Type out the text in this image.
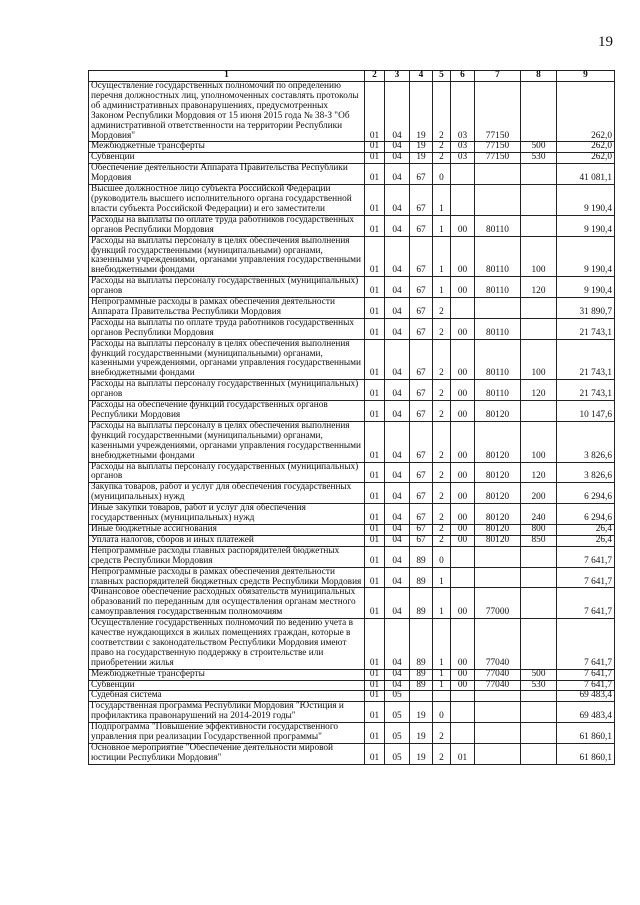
19
1	2	3	4	5	6	7	8	9
Осуществление государственных полномочий по определению перечня должностных лиц, уполномоченных составлять протоколы об административных правонарушениях, предусмотренных Законом Республики Мордовия от 15 июня 2015 года № 38-З "Об административной ответственности на территории Республики Мордовия"	01	04	19	2	03	77150		262,0
Межбюджетные трансферты	01	04	19	2	03	77150	500	262,0
Субвенции	01	04	19	2	03	77150	530	262,0
Обеспечение деятельности Аппарата Правительства Республики Мордовия	01	04	67	0				41 081,1
Высшее должностное лицо субъекта Российской Федерации (руководитель высшего исполнительного органа государственной власти субъекта Российской Федерации) и его заместители	01	04	67	1				9 190,4
Расходы на выплаты по оплате труда работников государственных органов Республики Мордовия	01	04	67	1	00	80110		9 190,4
Расходы на выплаты персоналу в целях обеспечения выполнения функций государственными (муниципальными) органами, казенными учреждениями, органами управления государственными внебюджетными фондами	01	04	67	1	00	80110	100	9 190,4
Расходы на выплаты персоналу государственных (муниципальных) органов	01	04	67	1	00	80110	120	9 190,4
Непрограммные расходы в рамках обеспечения деятельности Аппарата Правительства Республики Мордовия	01	04	67	2				31 890,7
Расходы на выплаты по оплате труда работников государственных органов Республики Мордовия	01	04	67	2	00	80110		21 743,1
Расходы на выплаты персоналу в целях обеспечения выполнения функций государственными (муниципальными) органами, казенными учреждениями, органами управления государственными внебюджетными фондами	01	04	67	2	00	80110	100	21 743,1
Расходы на выплаты персоналу государственных (муниципальных) органов	01	04	67	2	00	80110	120	21 743,1
Расходы на обеспечение функций государственных органов Республики Мордовия	01	04	67	2	00	80120		10 147,6
Расходы на выплаты персоналу в целях обеспечения выполнения функций государственными (муниципальными) органами, казенными учреждениями, органами управления государственными внебюджетными фондами	01	04	67	2	00	80120	100	3 826,6
Расходы на выплаты персоналу государственных (муниципальных) органов	01	04	67	2	00	80120	120	3 826,6
Закупка товаров, работ и услуг для обеспечения государственных (муниципальных) нужд	01	04	67	2	00	80120	200	6 294,6
Иные закупки товаров, работ и услуг для обеспечения государственных (муниципальных) нужд	01	04	67	2	00	80120	240	6 294,6
Иные бюджетные ассигнования	01	04	67	2	00	80120	800	26,4
Уплата налогов, сборов и иных платежей	01	04	67	2	00	80120	850	26,4
Непрограммные расходы главных распорядителей бюджетных средств Республики Мордовия	01	04	89	0				7 641,7
Непрограммные расходы в рамках обеспечения деятельности главных распорядителей бюджетных средств Республики Мордовия	01	04	89	1				7 641,7
Финансовое обеспечение расходных обязательств муниципальных образований по переданным для осуществления органам местного самоуправления государственным полномочиям	01	04	89	1	00	77000		7 641,7
Осуществление государственных полномочий по ведению учета в качестве нуждающихся в жилых помещениях граждан, которые в соответствии с законодательством Республики Мордовия имеют право на государственную поддержку в строительстве или приобретении жилья	01	04	89	1	00	77040		7 641,7
Межбюджетные трансферты	01	04	89	1	00	77040	500	7 641,7
Субвенции	01	04	89	1	00	77040	530	7 641,7
Судебная система	01	05						69 483,4
Государственная программа Республики Мордовия "Юстиция и профилактика правонарушений на 2014-2019 годы"	01	05	19	0				69 483,4
Подпрограмма "Повышение эффективности государственного управления при реализации Государственной программы"	01	05	19	2				61 860,1
Основное мероприятие "Обеспечение деятельности мировой юстиции Республики Мордовия"	01	05	19	2	01			61 860,1
